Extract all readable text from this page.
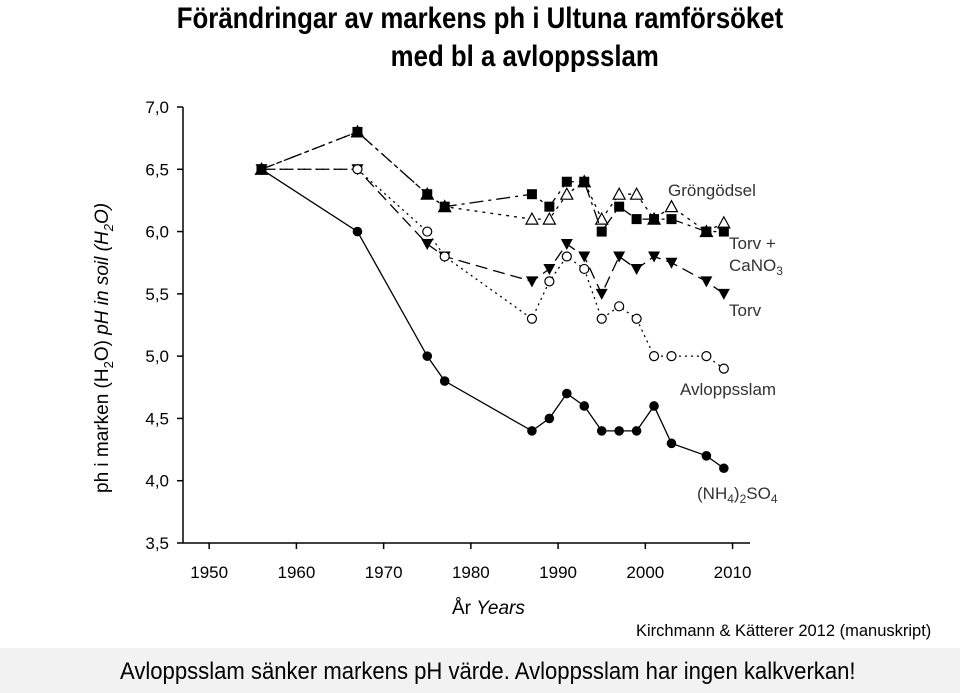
Förändringar av markens ph i Ultuna ramförsöket
med bl a avloppsslam
ph i marken $(H_2O)$ pH in soil $(H_2O)$
3,5
4,0
4,5
5,0
5,5
6,0
6,5
7,0
1950	1960	1970	1980	1990	2000	2010
Gröngödsel
Torv +
CaNO$_3$
Torv
Avloppsslam
$(NH_4)_2SO_4$
År Years
Kirchmann & Kätterer 2012 (manuskript)
Avloppsslam sänker markens pH värde. Avloppsslam har ingen kalkverkan!
